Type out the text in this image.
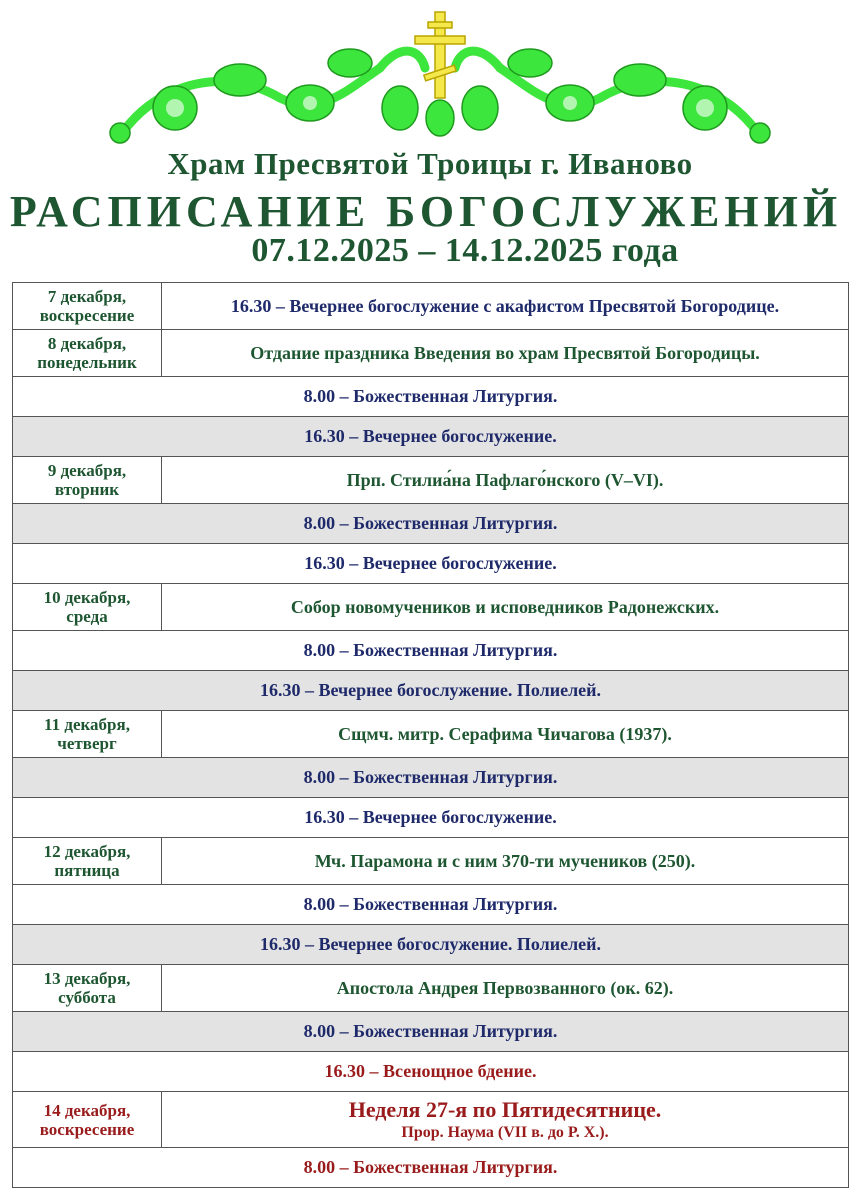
Храм Пресвятой Троицы г. Иваново
РАСПИСАНИЕ БОГОСЛУЖЕНИЙ
07.12.2025 – 14.12.2025 года
7 декабря,
воскресение	16.30 – Вечернее богослужение с акафистом Пресвятой Богородице.
8 декабря,
понедельник	Отдание праздника Введения во храм Пресвятой Богородицы.
8.00 – Божественная Литургия.	
16.30 – Вечернее богослужение.	
9 декабря,
вторник	Прп. Стилиа́на Пафлаго́нского (V–VI).
8.00 – Божественная Литургия.	
16.30 – Вечернее богослужение.	
10 декабря,
среда	Собор новомучеников и исповедников Радонежских.
8.00 – Божественная Литургия.	
16.30 – Вечернее богослужение. Полиелей.	
11 декабря,
четверг	Сщмч. митр. Серафима Чичагова (1937).
8.00 – Божественная Литургия.	
16.30 – Вечернее богослужение.	
12 декабря,
пятница	Мч. Парамона и с ним 370-ти мучеников (250).
8.00 – Божественная Литургия.	
16.30 – Вечернее богослужение. Полиелей.	
13 декабря,
суббота	Апостола Андрея Первозванного (ок. 62).
8.00 – Божественная Литургия.	
16.30 – Всенощное бдение.	
14 декабря,
воскресение	Неделя 27-я по Пятидесятнице.
Прор. Наума (VII в. до Р. Х.).

8.00 – Божественная Литургия.	
